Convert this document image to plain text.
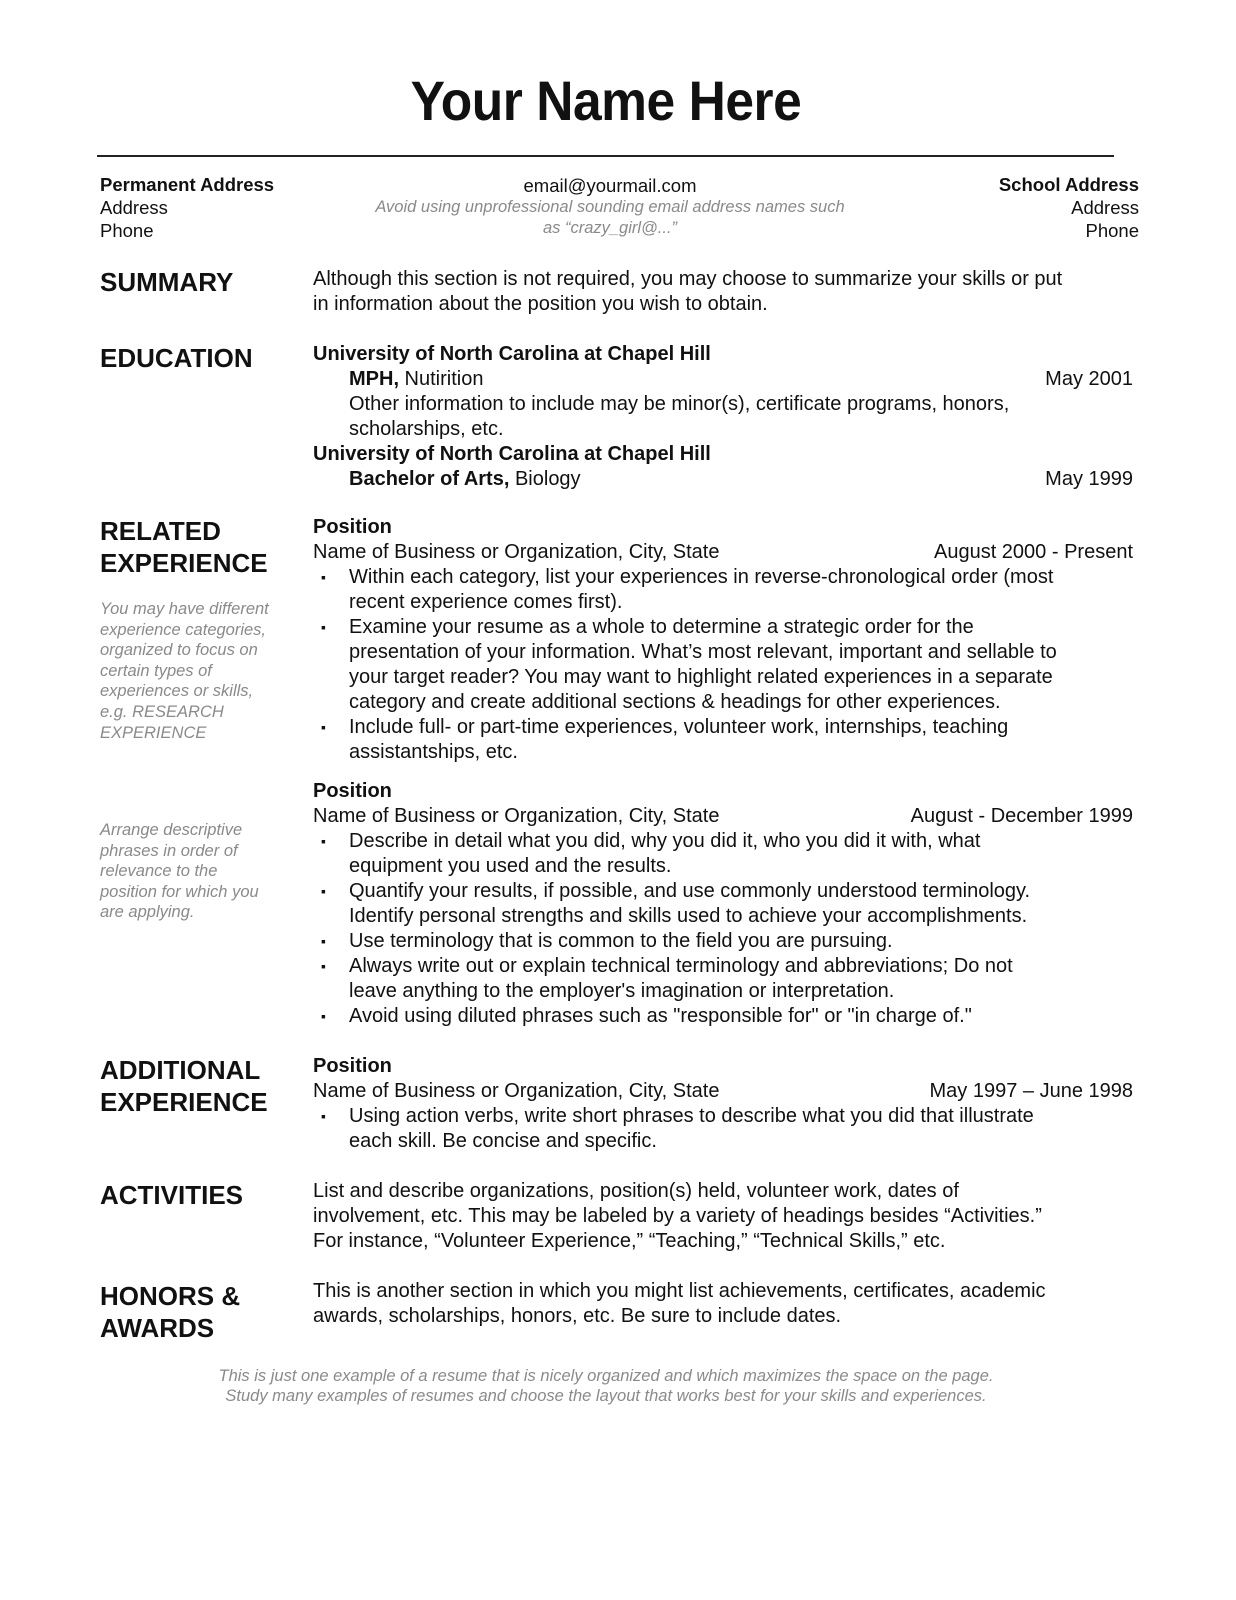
Your Name Here
Permanent Address
Address
Phone
email@yourmail.com
Avoid using unprofessional sounding email address names such
as “crazy_girl@...”
School Address
Address
Phone
SUMMARY	Although this section is not required, you may choose to summarize your skills or put
in information about the position you wish to obtain.
EDUCATION	University of North Carolina at Chapel Hill
MPH, Nutirition	May 2001
Other information to include may be minor(s), certificate programs, honors,
scholarships, etc.
University of North Carolina at Chapel Hill
Bachelor of Arts, Biology	May 1999
RELATED
EXPERIENCE
You may have different
experience categories,
organized to focus on
certain types of
experiences or skills,
e.g. RESEARCH
EXPERIENCE
Arrange descriptive
phrases in order of
relevance to the
position for which you
are applying.
Position
Name of Business or Organization, City, State	August 2000 - Present
▪ Within each category, list your experiences in reverse-chronological order (most
recent experience comes first).
▪ Examine your resume as a whole to determine a strategic order for the
presentation of your information. What’s most relevant, important and sellable to
your target reader? You may want to highlight related experiences in a separate
category and create additional sections & headings for other experiences.
▪ Include full- or part-time experiences, volunteer work, internships, teaching
assistantships, etc.
Position
Name of Business or Organization, City, State	August - December 1999
▪ Describe in detail what you did, why you did it, who you did it with, what
equipment you used and the results.
▪ Quantify your results, if possible, and use commonly understood terminology.
Identify personal strengths and skills used to achieve your accomplishments.
▪ Use terminology that is common to the field you are pursuing.
▪ Always write out or explain technical terminology and abbreviations; Do not
leave anything to the employer's imagination or interpretation.
▪ Avoid using diluted phrases such as "responsible for" or "in charge of."
ADDITIONAL
EXPERIENCE
Position
Name of Business or Organization, City, State	May 1997 – June 1998
▪ Using action verbs, write short phrases to describe what you did that illustrate
each skill. Be concise and specific.
ACTIVITIES	List and describe organizations, position(s) held, volunteer work, dates of
involvement, etc. This may be labeled by a variety of headings besides “Activities.”
For instance, “Volunteer Experience,” “Teaching,” “Technical Skills,” etc.
HONORS &
AWARDS
This is another section in which you might list achievements, certificates, academic
awards, scholarships, honors, etc. Be sure to include dates.
This is just one example of a resume that is nicely organized and which maximizes the space on the page.
Study many examples of resumes and choose the layout that works best for your skills and experiences.
